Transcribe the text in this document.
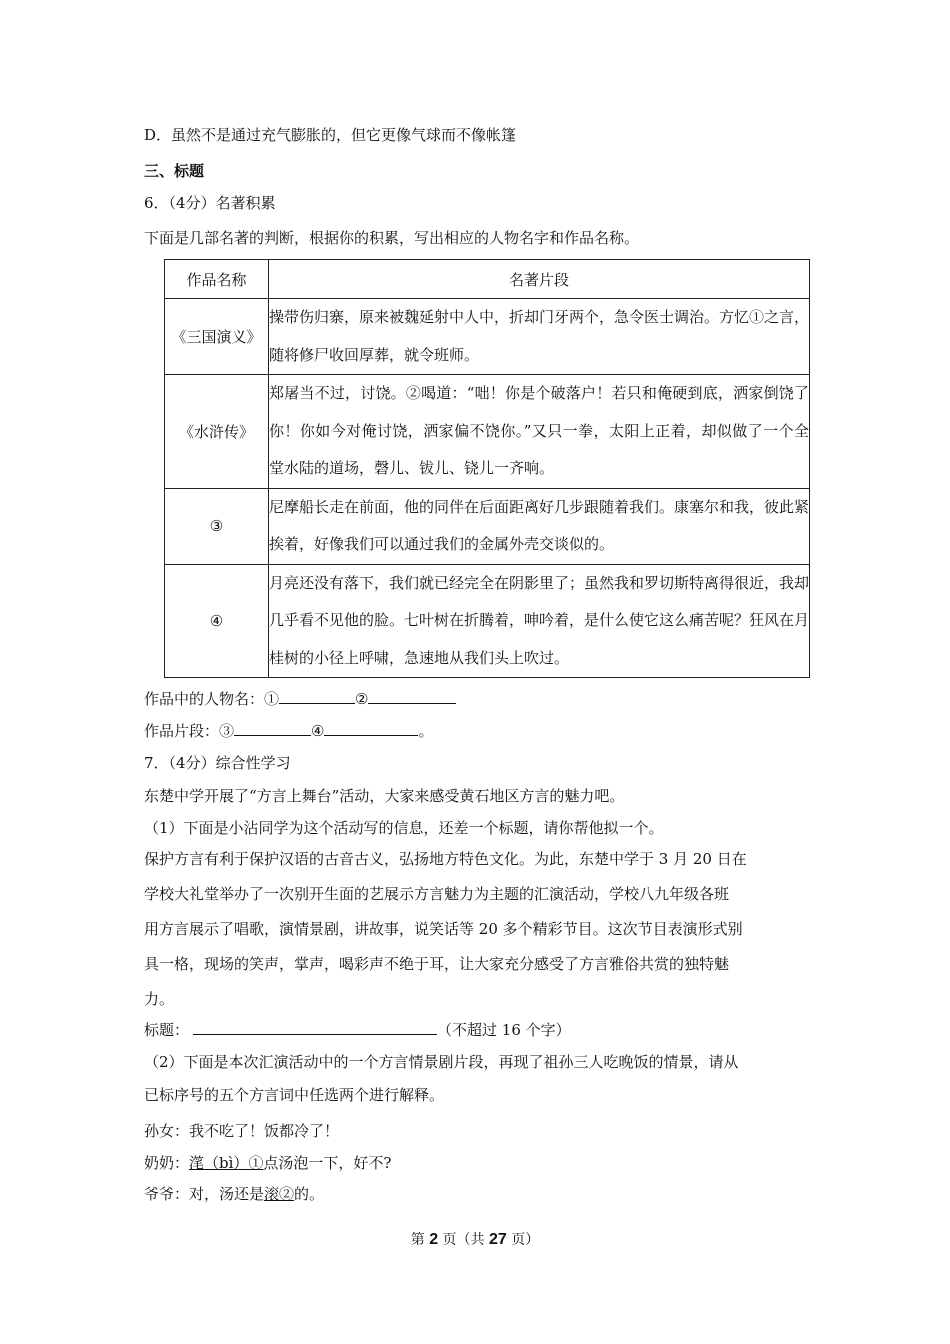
D．虽然不是通过充气膨胀的，但它更像气球而不像帐篷
三、标题
6．（4分）名著积累
下面是几部名著的判断，根据你的积累，写出相应的人物名字和作品名称。
作品名称	名著片段
《三国演义》	操带伤归寨，原来被魏延射中人中，折却门牙两个，急令医士调治。方忆①之言，随将修尸收回厚葬，就令班师。
《水浒传》	郑屠当不过，讨饶。②喝道：“咄！你是个破落户！若只和俺硬到底，洒家倒饶了你！你如今对俺讨饶，洒家偏不饶你。”又只一拳，太阳上正着，却似做了一个全堂水陆的道场，磬儿、钹儿、铙儿一齐响。
③	尼摩船长走在前面，他的同伴在后面距离好几步跟随着我们。康塞尔和我，彼此紧挨着，好像我们可以通过我们的金属外壳交谈似的。
④	月亮还没有落下，我们就已经完全在阴影里了；虽然我和罗切斯特离得很近，我却几乎看不见他的脸。七叶树在折腾着，呻吟着，是什么使它这么痛苦呢？狂风在月桂树的小径上呼啸，急速地从我们头上吹过。
作品中的人物名：①	②
作品片段：③	④	。
7．（4分）综合性学习
东楚中学开展了“方言上舞台”活动，大家来感受黄石地区方言的魅力吧。
（1）下面是小沾同学为这个活动写的信息，还差一个标题，请你帮他拟一个。
保护方言有利于保护汉语的古音古义，弘扬地方特色文化。为此，东楚中学于 3 月 20 日在
学校大礼堂举办了一次别开生面的艺展示方言魅力为主题的汇演活动，学校八九年级各班
用方言展示了唱歌，演情景剧，讲故事，说笑话等 20 多个精彩节目。这次节目表演形式别
具一格，现场的笑声，掌声，喝彩声不绝于耳，让大家充分感受了方言雅俗共赏的独特魅
力。
标题：	（不超过 16 个字）
（2）下面是本次汇演活动中的一个方言情景剧片段，再现了祖孙三人吃晚饭的情景，请从
已标序号的五个方言词中任选两个进行解释。
孙女：我不吃了！饭都冷了！
奶奶：滗（bì）①点汤泡一下，好不?
爷爷：对，汤还是滚②的。
第 2 页（共 27 页）
